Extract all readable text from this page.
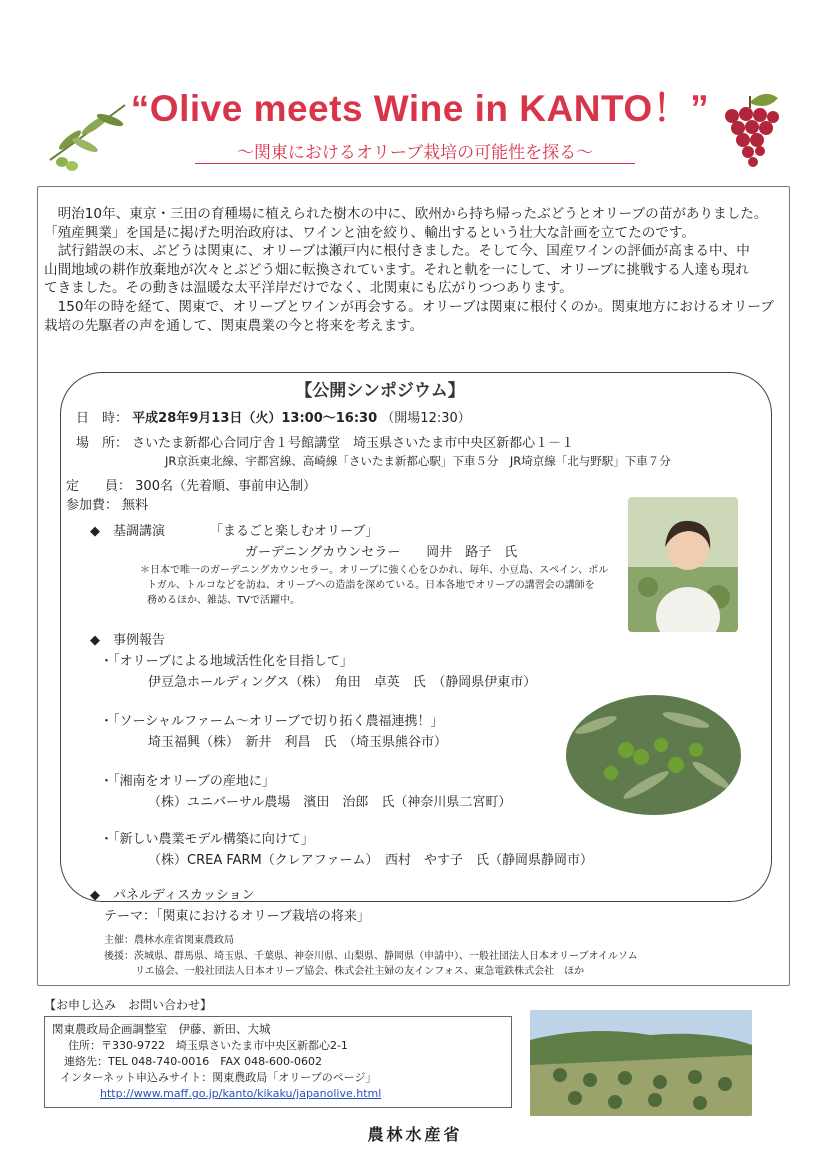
“Olive meets Wine in KANTO！”
～関東におけるオリーブ栽培の可能性を探る～

　明治10年、東京・三田の育種場に植えられた樹木の中に、欧州から持ち帰ったぶどうとオリーブの苗がありました。

「殖産興業」を国是に掲げた明治政府は、ワインと油を絞り、輸出するという壮大な計画を立てたのです。

　試行錯誤の末、ぶどうは関東に、オリーブは瀬戸内に根付きました。そして今、国産ワインの評価が高まる中、中

山間地域の耕作放棄地が次々とぶどう畑に転換されています。それと軌を一にして、オリーブに挑戦する人達も現れ

てきました。その動きは温暖な太平洋岸だけでなく、北関東にも広がりつつあります。

　150年の時を経て、関東で、オリーブとワインが再会する。オリーブは関東に根付くのか。関東地方におけるオリーブ

栽培の先駆者の声を通して、関東農業の今と将来を考えます。

【公開シンポジウム】
日　時： 平成28年9月13日（火）13:00～16:30 （開場12:30）
場　所： さいたま新都心合同庁舎１号館講堂　埼玉県さいたま市中央区新都心１－１
JR京浜東北線、宇都宮線、高崎線「さいたま新都心駅」下車５分　JR埼京線「北与野駅」下車７分
定　　員： 300名（先着順、事前申込制）
参加費： 無料
◆　基調講演	「まるごと楽しむオリーブ」
ガーデニングカウンセラー　　岡井　路子　氏
＊日本で唯一のガーデニングカウンセラー。オリーブに強く心をひかれ、毎年、小豆島、スペイン、ポル
トガル、トルコなどを訪ね、オリーブへの造詣を深めている。日本各地でオリーブの講習会の講師を
務めるほか、雑誌、TVで活躍中。
◆　事例報告
・「オリーブによる地域活性化を目指して」
伊豆急ホールディングス（株）　角田　卓英　氏　（静岡県伊東市）
・「ソーシャルファーム～オリーブで切り拓く農福連携！」
埼玉福興（株）　新井　利昌　氏　（埼玉県熊谷市）
・「湘南をオリーブの産地に」
（株）ユニバーサル農場　濱田　治郎　氏（神奈川県二宮町）
・「新しい農業モデル構築に向けて」
（株）CREA FARM（クレアファーム）　西村　やす子　氏（静岡県静岡市）
◆　パネルディスカッション
テーマ：「関東におけるオリーブ栽培の将来」
主催：農林水産省関東農政局
後援：茨城県、群馬県、埼玉県、千葉県、神奈川県、山梨県、静岡県（申請中）、一般社団法人日本オリーブオイルソム
リエ協会、一般社団法人日本オリーブ協会、株式会社主婦の友インフォス、東急電鉄株式会社　ほか
【お申し込み　お問い合わせ】
関東農政局企画調整室　伊藤、新田、大城
住所：〒330-9722　埼玉県さいたま市中央区新都心2-1
連絡先：TEL 048-740-0016　FAX 048-600-0602
インターネット申込みサイト：関東農政局「オリーブのページ」
http://www.maff.go.jp/kanto/kikaku/japanolive.html
農林水産省
